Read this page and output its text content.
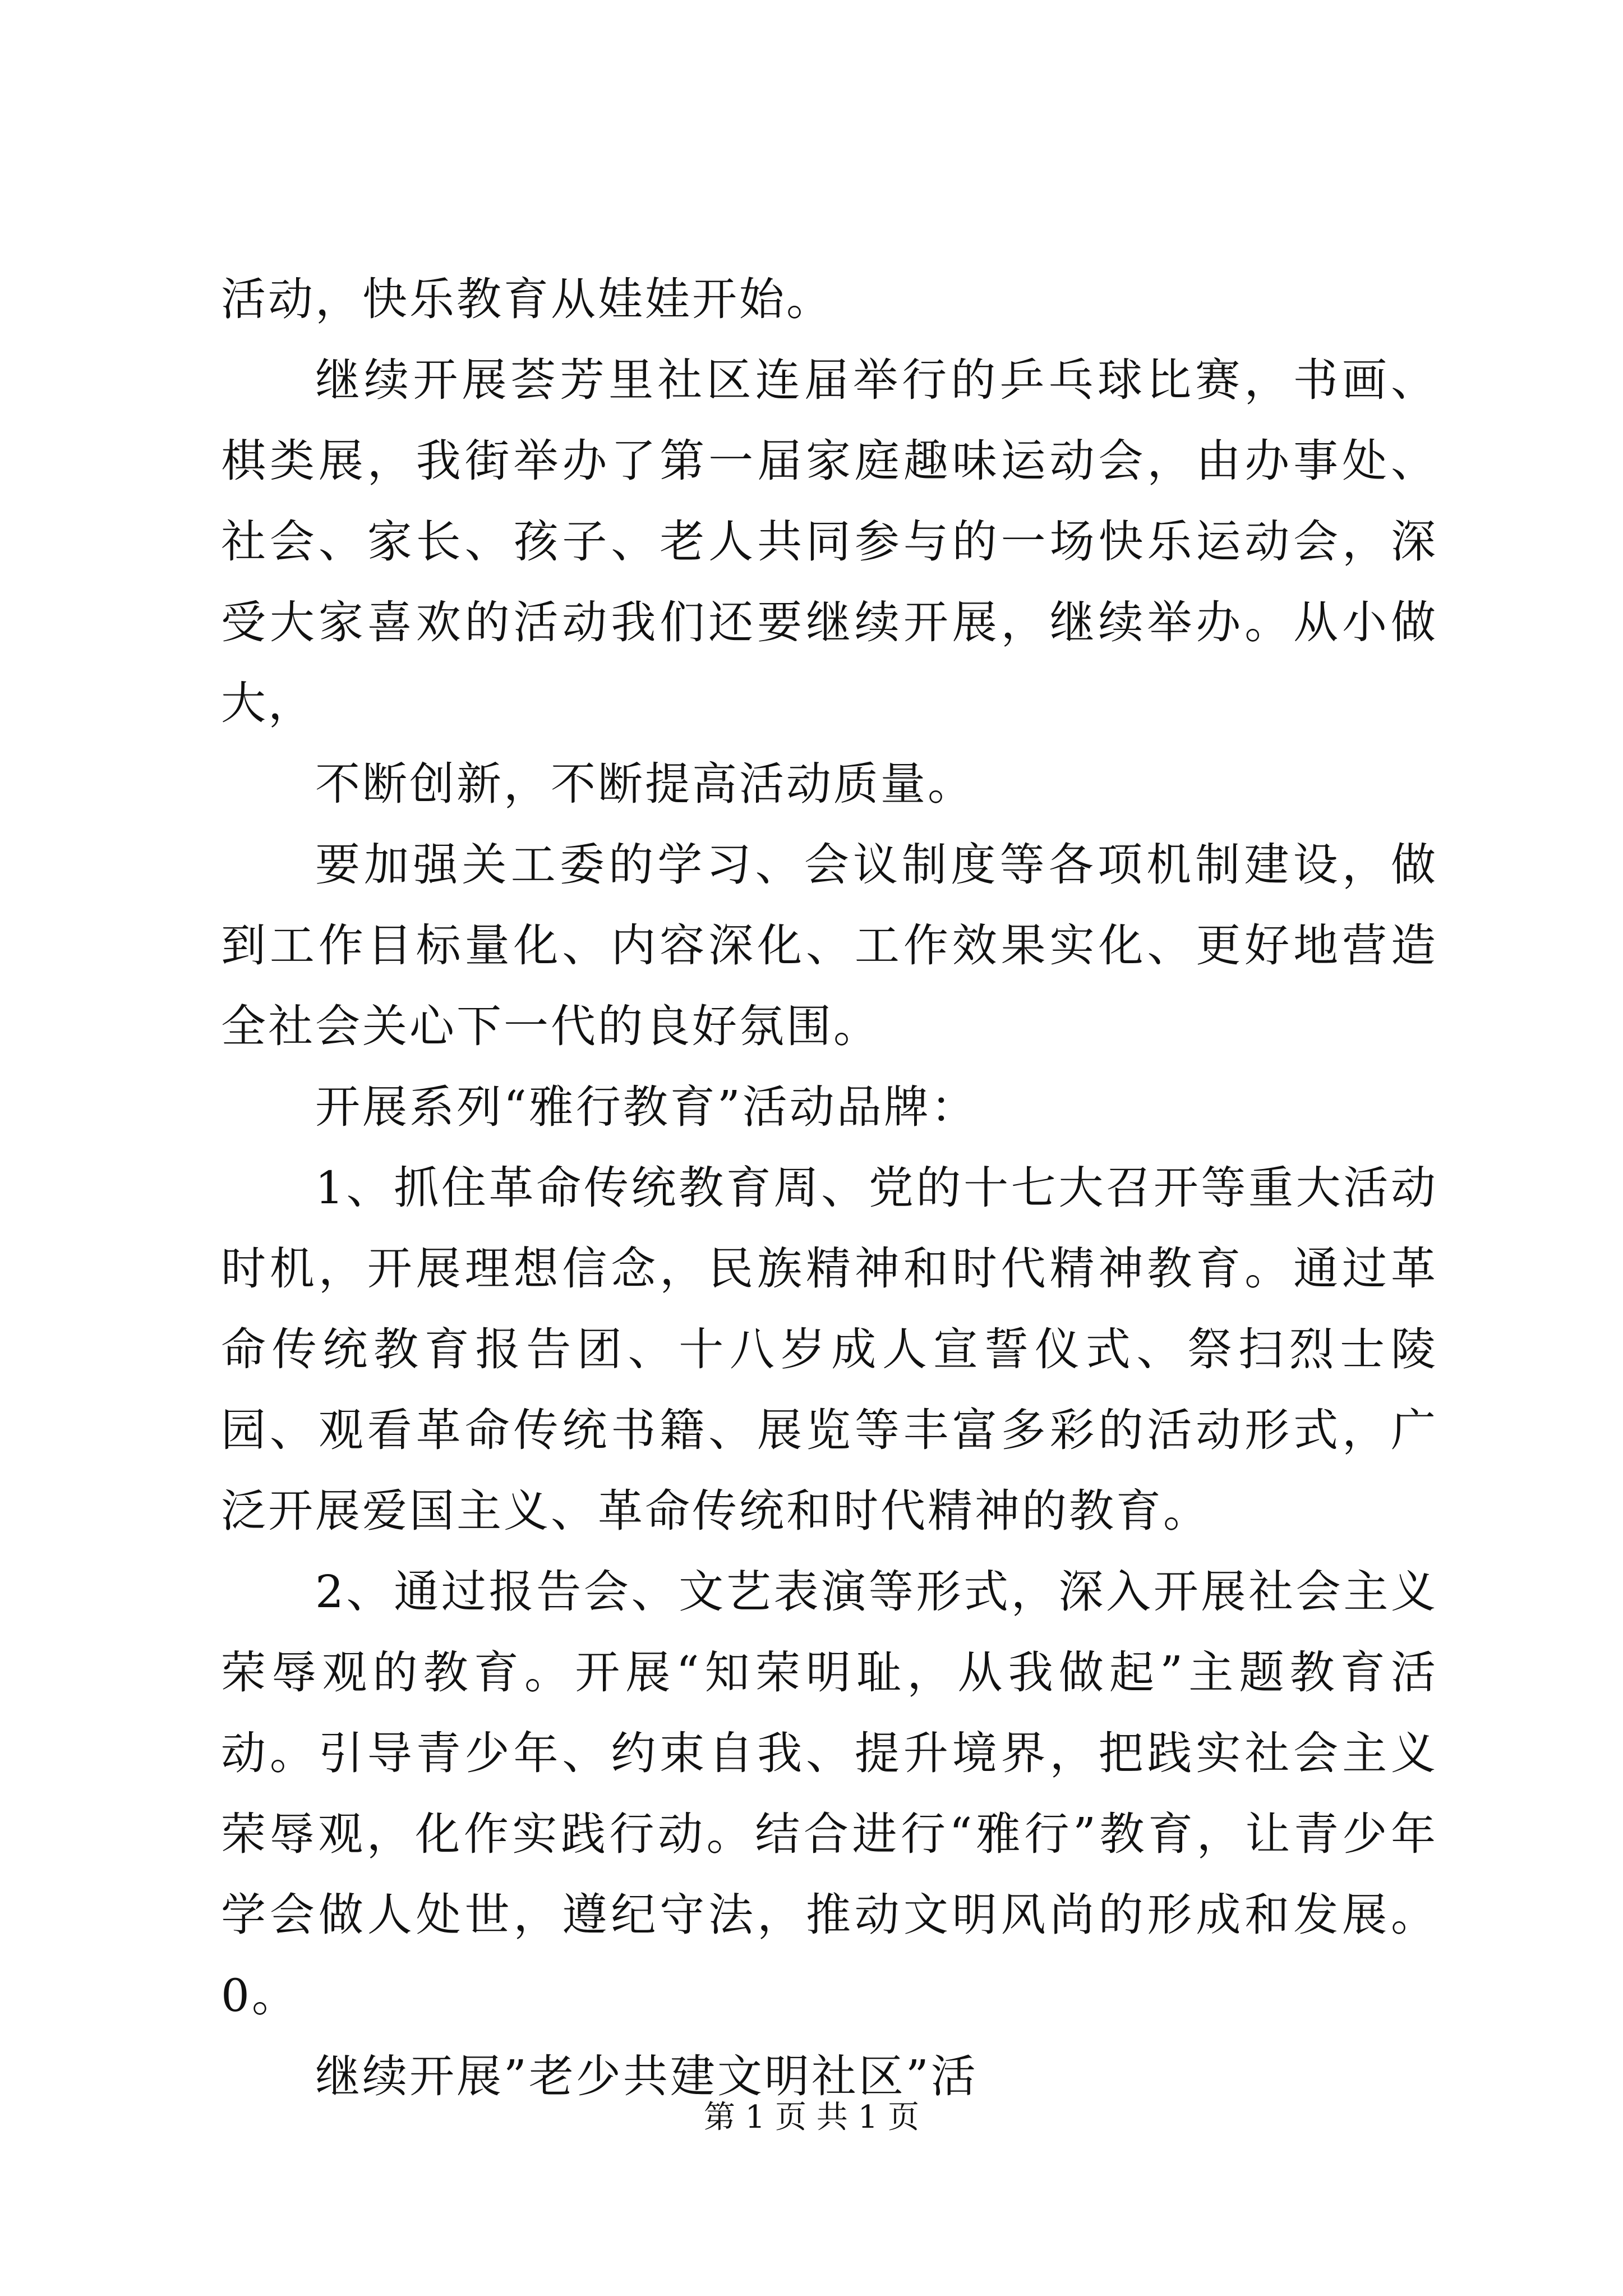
活动，快乐教育从娃娃开始。

继续开展荟芳里社区连届举行的乒乓球比赛，书画、棋类展，我街举办了第一届家庭趣味运动会，由办事处、社会、家长、孩子、老人共同参与的一场快乐运动会，深受大家喜欢的活动我们还要继续开展，继续举办。从小做大，

不断创新，不断提高活动质量。

要加强关工委的学习、会议制度等各项机制建设，做到工作目标量化、内容深化、工作效果实化、更好地营造全社会关心下一代的良好氛围。

开展系列“雅行教育”活动品牌：

1、抓住革命传统教育周、党的十七大召开等重大活动时机，开展理想信念，民族精神和时代精神教育。通过革命传统教育报告团、十八岁成人宣誓仪式、祭扫烈士陵园、观看革命传统书籍、展览等丰富多彩的活动形式，广泛开展爱国主义、革命传统和时代精神的教育。

2、通过报告会、文艺表演等形式，深入开展社会主义荣辱观的教育。开展“知荣明耻，从我做起”主题教育活动。引导青少年、约束自我、提升境界，把践实社会主义荣辱观，化作实践行动。结合进行“雅行”教育，让青少年学会做人处世，遵纪守法，推动文明风尚的形成和发展。0。

继续开展”老少共建文明社区”活

第 1 页 共 1 页
